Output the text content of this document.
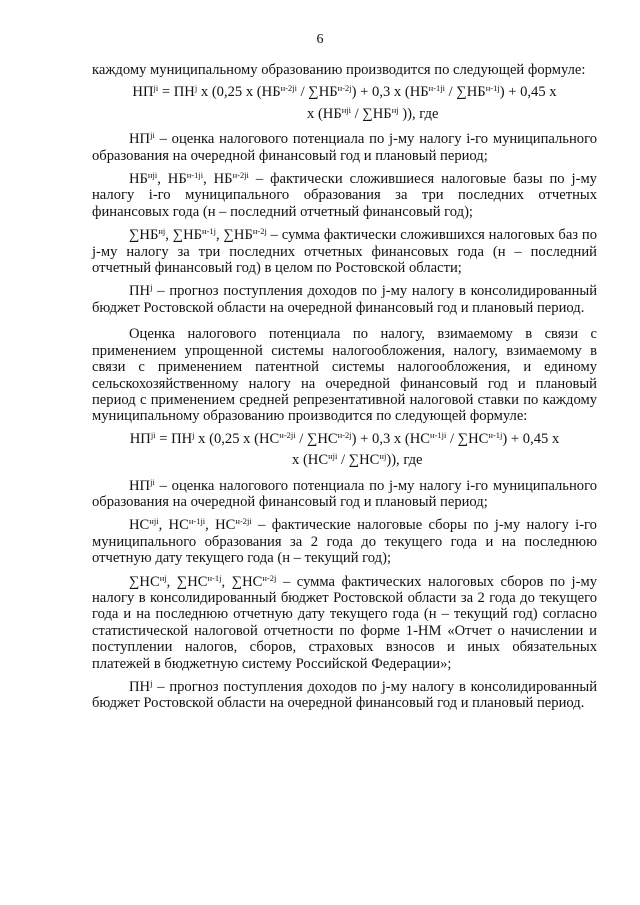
6

каждому муниципальному образованию производится по следующей формуле:

$НП^{ji} = ПН^j$ x (0,25 x $(НБ^{н-2ji} / \sum НБ^{н-2j}) + 0,3$ x $(НБ^{н-1ji} / \sum НБ^{н-1j}) + 0,45$ x

x ($НБ^{нji} / \sum НБ^{нj}$ )), где

$НП^{ji}$ – оценка налогового потенциала по j-му налогу i-го муниципального образования на очередной финансовый год и плановый период;

$НБ^{нji}$, $НБ^{н-1ji}$, $НБ^{н-2ji}$ – фактически сложившиеся налоговые базы по j-му налогу i-го муниципального образования за три последних отчетных финансовых года (н – последний отчетный финансовый год);

$\sum НБ^{нj}$, $\sum НБ^{н-1j}$, $\sum НБ^{н-2j}$ – сумма фактически сложившихся налоговых баз по j-му налогу за три последних отчетных финансовых года (н – последний отчетный финансовый год) в целом по Ростовской области;

$ПН^j$ – прогноз поступления доходов по j-му налогу в консолидированный бюджет Ростовской области на очередной финансовый год и плановый период.

Оценка налогового потенциала по налогу, взимаемому в связи с применением упрощенной системы налогообложения, налогу, взимаемому в связи с применением патентной системы налогообложения, и единому сельскохозяйственному налогу на очередной финансовый год и плановый период с применением средней репрезентативной налоговой ставки по каждому муниципальному образованию производится по следующей формуле:

$НП^{ji} = ПН^j$ x (0,25 x $(НС^{н-2ji} / \sum НС^{н-2j}) + 0,3$ x $(НС^{н-1ji} / \sum НС^{н-1j}) + 0,45$ x

x $(НС^{нji} / \sum НС^{нj})$), где

$НП^{ji}$ – оценка налогового потенциала по j-му налогу i-го муниципального образования на очередной финансовый год и плановый период;

$НС^{нji}$, $НС^{н-1ji}$, $НС^{н-2ji}$ – фактические налоговые сборы по j-му налогу i-го муниципального образования за 2 года до текущего года и на последнюю отчетную дату текущего года (н – текущий год);

$\sum НС^{нj}$, $\sum НС^{н-1j}$, $\sum НС^{н-2j}$ – сумма фактических налоговых сборов по j-му налогу в консолидированный бюджет Ростовской области за 2 года до текущего года и на последнюю отчетную дату текущего года (н – текущий год) согласно статистической налоговой отчетности по форме 1-НМ «Отчет о начислении и поступлении налогов, сборов, страховых взносов и иных обязательных платежей в бюджетную систему Российской Федерации»;

$ПН^j$ – прогноз поступления доходов по j-му налогу в консолидированный бюджет Ростовской области на очередной финансовый год и плановый период.
